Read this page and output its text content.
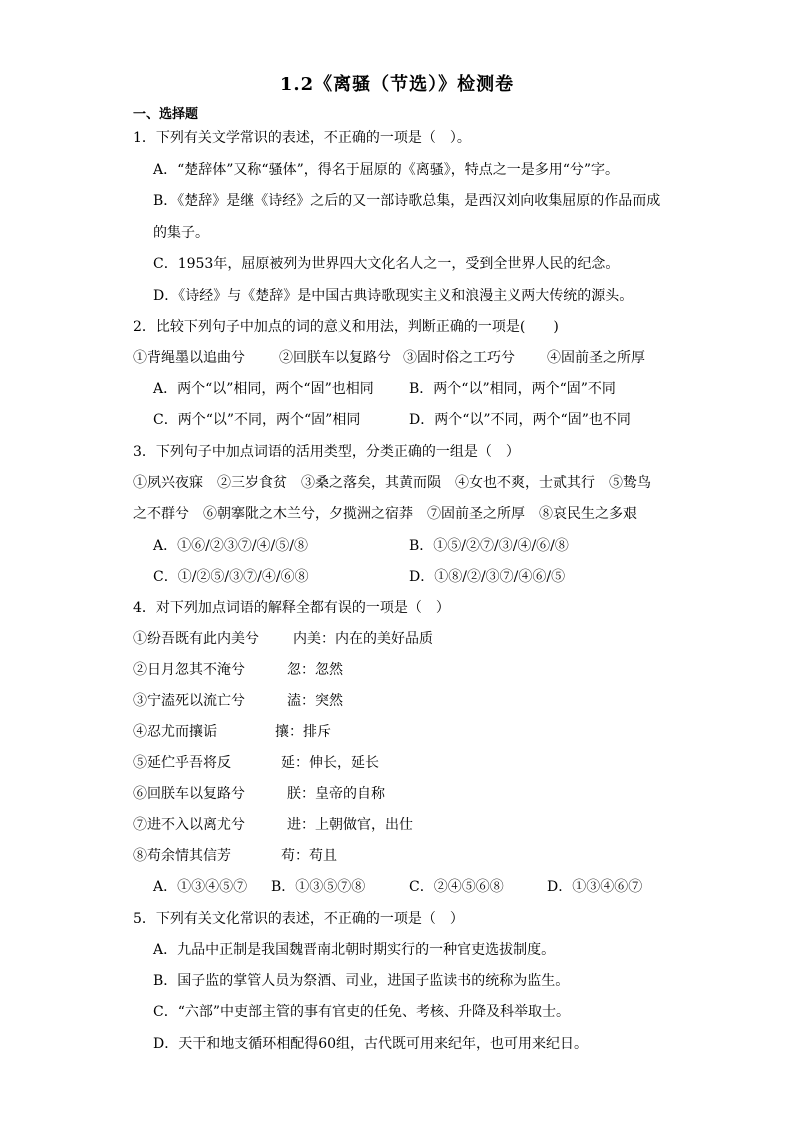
1.2《离骚（节选）》检测卷
一、选择题
1．下列有关文学常识的表述，不正确的一项是（　）。
A．“楚辞体”又称“骚体”，得名于屈原的《离骚》，特点之一是多用“兮”字。
B．《楚辞》是继《诗经》之后的又一部诗歌总集，是西汉刘向收集屈原的作品而成
的集子。
C．1953年，屈原被列为世界四大文化名人之一，受到全世界人民的纪念。
D．《诗经》与《楚辞》是中国古典诗歌现实主义和浪漫主义两大传统的源头。
2．比较下列句子中加点的词的意义和用法，判断正确的一项是(　　)
①背绳墨以追曲兮 ②回朕车以复路兮 ③固时俗之工巧兮 ④固前圣之所厚
A．两个“以”相同，两个“固”也相同	B．两个“以”相同，两个“固”不同
C．两个“以”不同，两个“固”相同	D．两个“以”不同，两个“固”也不同
3．下列句子中加点词语的活用类型，分类正确的一组是（　）
①夙兴夜寐　②三岁食贫　③桑之落矣，其黄而陨　④女也不爽，士贰其行　⑤鸷鸟
之不群兮　⑥朝搴阰之木兰兮，夕揽洲之宿莽　⑦固前圣之所厚　⑧哀民生之多艰
A．①⑥/②③⑦/④/⑤/⑧	B．①⑤/②⑦/③/④/⑥/⑧
C．①/②⑤/③⑦/④/⑥⑧	D．①⑧/②/③⑦/④⑥/⑤
4．对下列加点词语的解释全都有误的一项是（　）
①纷吾既有此内美兮 内美：内在的美好品质
②日月忽其不淹兮	忽：忽然
③宁溘死以流亡兮	溘：突然
④忍尤而攘诟	攘：排斥
⑤延伫乎吾将反	延：伸长，延长
⑥回朕车以复路兮	朕：皇帝的自称
⑦进不入以离尤兮	进：上朝做官，出仕
⑧苟余情其信芳	苟：苟且
A．①③④⑤⑦ B．①③⑤⑦⑧	C．②④⑤⑥⑧	D．①③④⑥⑦
5．下列有关文化常识的表述，不正确的一项是（　）
A．九品中正制是我国魏晋南北朝时期实行的一种官吏选拔制度。
B．国子监的掌管人员为祭酒、司业，进国子监读书的统称为监生。
C．“六部”中吏部主管的事有官吏的任免、考核、升降及科举取士。
D．天干和地支循环相配得60组，古代既可用来纪年，也可用来纪日。
